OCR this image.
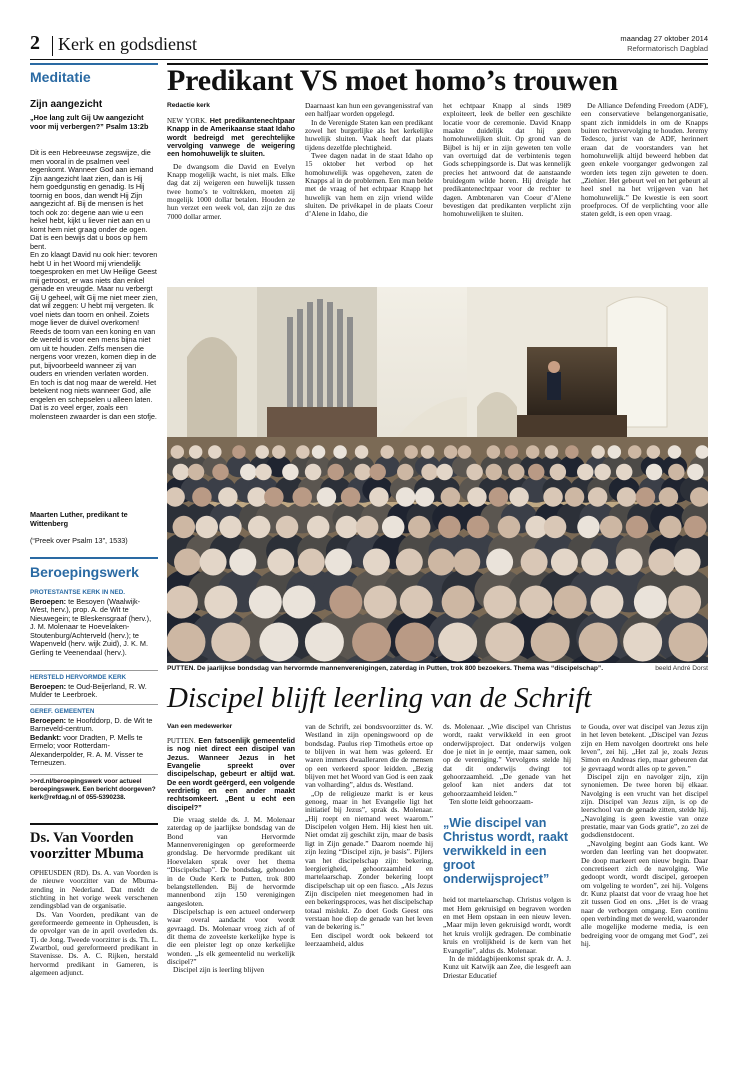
2 Kerk en godsdienst	maandag 27 oktober 2014
Reformatorisch Dagblad
Meditatie
Zijn aangezicht
„Hoe lang zult Gij Uw aangezicht voor mij verbergen?” Psalm 13:2b
Dit is een Hebreeuwse zegswijze, die men vooral in de psalmen veel tegenkomt. Wanneer God aan iemand Zijn aangezicht laat zien, dan is Hij hem goedgunstig en genadig. Is Hij toornig en boos, dan wendt Hij Zijn aangezicht af. Bij de mensen is het toch ook zo: degene aan wie u een hekel hebt, kijkt u liever niet aan en u komt hem niet graag onder de ogen. Dat is een bewijs dat u boos op hem bent.
En zo klaagt David nu ook hier: tevoren hebt U in het Woord mij vriendelijk toegesproken en met Uw Heilige Geest mij getroost, er was niets dan enkel genade en vreugde. Maar nu verbergt Gij U geheel, wilt Gij me niet meer zien, dat wil zeggen: U hebt mij vergeten. Ik voel niets dan toorn en onheil. Zoiets moge liever de duivel overkomen! Reeds de toorn van een koning en van de wereld is voor een mens bijna niet om uit te houden. Zelfs mensen die nergens voor vrezen, komen diep in de put, bijvoorbeeld wanneer zij van ouders en vrienden verlaten worden. En toch is dat nog maar de wereld. Het betekent nog niets wanneer God, alle engelen en schepselen u alleen laten. Dat is zo veel erger, zoals een molensteen zwaarder is dan een stofje.
Maarten Luther, predikant te Wittenberg
(“Preek over Psalm 13”, 1533)
Beroepingswerk
PROTESTANTSE KERK IN NED.
Beroepen: te Besoyen (Waalwijk-West, herv.), prop. A. de Wit te Nieuwegein; te Bleskensgraaf (herv.), J. M. Molenaar te Hoevelaken-Stoutenburg/Achterveld (herv.); te Wapenveld (herv. wijk Zuid), J. K. M. Gerling te Veenendaal (herv.).
HERSTELD HERVORMDE KERK
Beroepen: te Oud-Beijerland, R. W. Mulder te Leerbroek.
GEREF. GEMEENTEN
Beroepen: te Hoofddorp, D. de Wit te Barneveld-centrum.
Bedankt: voor Dradten, P. Mells te Ermelo; voor Rotterdam-Alexanderpolder, R. A. M. Visser te Terneuzen.
>>rd.nl/beroepingswerk voor actueel beroepingswerk. Een bericht doorgeven? kerk@refdag.nl of 055-5390238.
Ds. Van Voorden voorzitter Mbuma

OPHEUSDEN (RD). Ds. A. van Voorden is de nieuwe voorzitter van de Mbuma-zending in Nederland. Dat meldt de stichting in het vorige week verschenen zendingsblad van de organisatie.

Ds. Van Voorden, predikant van de gereformeerde gemeente in Opheusden, is de opvolger van de in april overleden ds. Tj. de Jong. Tweede voorzitter is ds. Th. L. Zwartbol, oud gereformeerd predikant in Stavenisse. Ds. A. C. Rijken, herstald hervormd predikant in Gameren, is algemeen adjunct.

Predikant VS moet homo’s trouwen
Redactie kerk

NEW YORK. Het predikantenechtpaar Knapp in de Amerikaanse staat Idaho wordt bedreigd met gerechtelijke vervolging vanwege de weigering een homohuwelijk te sluiten.

De dwangsom die David en Evelyn Knapp mogelijk wacht, is niet mals. Elke dag dat zij weigeren een huwelijk tussen twee homo’s te voltrekken, moeten zij mogelijk 1000 dollar betalen. Houden ze hun verzet een week vol, dan zijn ze dus 7000 dollar armer.

Daarnaast kan hun een gevangenisstraf van een halfjaar worden opgelegd.

In de Verenigde Staten kan een predikant zowel het burgerlijke als het kerkelijke huwelijk sluiten. Vaak heeft dat plaats tijdens dezelfde plechtigheid.

Twee dagen nadat in de staat Idaho op 15 oktober het verbod op het homohuwelijk was opgeheven, zaten de Knapps al in de problemen. Een man belde met de vraag of het echtpaar Knapp het huwelijk van hem en zijn vriend wilde sluiten. De privékapel in de plaats Coeur d’Alene in Idaho, die

het echtpaar Knapp al sinds 1989 exploiteert, leek de beller een geschikte locatie voor de ceremonie. David Knapp maakte duidelijk dat hij geen homohuwelijken sluit. Op grond van de Bijbel is hij er in zijn geweten ten volle van overtuigd dat de verbintenis tegen Gods scheppingsorde is. Dat was kennelijk precies het antwoord dat de aanstaande bruidegom wilde horen. Hij dreigde het predikantenechtpaar voor de rechter te dagen. Ambtenaren van Coeur d’Alene bevestigen dat predikanten verplicht zijn homohuwelijken te sluiten.

De Alliance Defending Freedom (ADF), een conservatieve belangenorganisatie, spant zich inmiddels in om de Knapps buiten rechtsvervolging te houden. Jeremy Tedesco, jurist van de ADF, herinnert eraan dat de voorstanders van het homohuwelijk altijd beweerd hebben dat geen enkele voorganger gedwongen zal worden iets tegen zijn geweten te doen. „Ziehier. Het gebeurt wel en het gebeurt al heel snel na het vrijgeven van het homohuwelijk.” De kwestie is een soort proefproces. Of de verplichting voor alle staten geldt, is een open vraag.

PUTTEN. De jaarlijkse bondsdag van hervormde mannenverenigingen, zaterdag in Putten, trok 800 bezoekers. Thema was “discipelschap”.	beeld André Dorst
Discipel blijft leerling van de Schrift
Van een medewerker

PUTTEN. Een fatsoenlijk gemeentelid is nog niet direct een discipel van Jezus. Wanneer Jezus in het Evangelie spreekt over discipelschap, gebeurt er altijd wat. De een wordt geërgerd, een volgende verdrietig en een ander maakt rechtsomkeert. „Bent u echt een discipel?”

Die vraag stelde ds. J. M. Molenaar zaterdag op de jaarlijkse bondsdag van de Bond van Hervormde Mannenverenigingen op gereformeerde grondslag. De hervormde predikant uit Hoevelaken sprak over het thema “Discipelschap”. De bondsdag, gehouden in de Oude Kerk te Putten, trok 800 belangstellenden. Bij de hervormde mannenbond zijn 150 verenigingen aangesloten.

Discipelschap is een actueel onderwerp waar overal aandacht voor wordt gevraagd. Ds. Molenaar vroeg zich af of dit thema de zoveelste kerkelijke hype is die een pleister legt op onze kerkelijke wonden. „Is elk gemeentelid nu werkelijk discipel?”

Discipel zijn is leerling blijven

van de Schrift, zei bondsvoorzitter ds. W. Westland in zijn openingswoord op de bondsdag. Paulus riep Timotheüs ertoe op te blijven in wat hem was geleerd. Er waren immers dwaalleraren die de mensen op een verkeerd spoor leidden. „Bezig blijven met het Woord van God is een zaak van volharding”, aldus ds. Westland.

„Op de religieuze markt is er keus genoeg, maar in het Evangelie ligt het initiatief bij Jezus”, sprak ds. Molenaar. „Hij roept en niemand weet waarom.” Discipelen volgen Hem. Hij kiest hen uit. Niet omdat zij geschikt zijn, maar de basis ligt in Zijn genade.” Daarom noemde hij zijn lezing “Discipel zijn, je basis”. Pijlers van het discipelschap zijn: bekering, leergierigheid, gehoorzaamheid en martelaarschap. Zonder bekering loopt discipelschap uit op een fiasco. „Als Jezus Zijn discipelen niet meegenomen had in een bekeringsproces, was het discipelschap totaal mislukt. Zo doet Gods Geest ons verstaan hoe diep de genade van het leven van de bekering is.”

Een discipel wordt ook bekeerd tot leerzaamheid, aldus

ds. Molenaar. „Wie discipel van Christus wordt, raakt verwikkeld in een groot onderwijsproject. Dat onderwijs volgen doe je niet in je eentje, maar samen, ook op de vereniging.” Vervolgens stelde hij dat dit onderwijs dwingt tot gehoorzaamheid. „De genade van het geloof kan niet anders dat tot gehoorzaamheid leiden.”

Ten slotte leidt gehoorzaam-

„Wie discipel van Christus wordt, raakt verwikkeld in een groot onderwijsproject”

heid tot martelaarschap. Christus volgen is met Hem gekruisigd en begraven worden en met Hem opstaan in een nieuw leven. „Maar mijn leven gekruisigd wordt, wordt het kruis vrolijk gedragen. De combinatie kruis en vrolijkheid is de kern van het Evangelie”, aldus ds. Molenaar.

In de middagbijeenkomst sprak dr. A. J. Kunz uit Katwijk aan Zee, die lesgeeft aan Driestar Educatief

te Gouda, over wat discipel van Jezus zijn in het leven betekent. „Discipel van Jezus zijn en Hem navolgen doortrekt ons hele leven”, zei hij. „Het zal je, zoals Jezus Simon en Andreas riep, maar gebeuren dat je gevraagd wordt alles op te geven.”

Discipel zijn en navolger zijn, zijn synoniemen. De twee horen bij elkaar. Navolging is een vrucht van het discipel zijn. Discipel van Jezus zijn, is op de leerschool van de genade zitten, stelde hij. „Navolging is geen kwestie van onze prestatie, maar van Gods gratie”, zo zei de godsdienstdocent.

„Navolging begint aan Gods kant. We worden dan leerling van het doopwater. De doop markeert een nieuw begin. Daar concretiseert zich de navolging. Wie gedoopt wordt, wordt discipel, geroepen om volgeling te worden”, zei hij. Volgens dr. Kunz plaatst dat voor de vraag hoe het zit tussen God en ons. „Het is de vraag naar de verborgen omgang. Een continu open verbinding met de wereld, waaronder alle mogelijke moderne media, is een bedreiging voor de omgang met God”, zei hij.
